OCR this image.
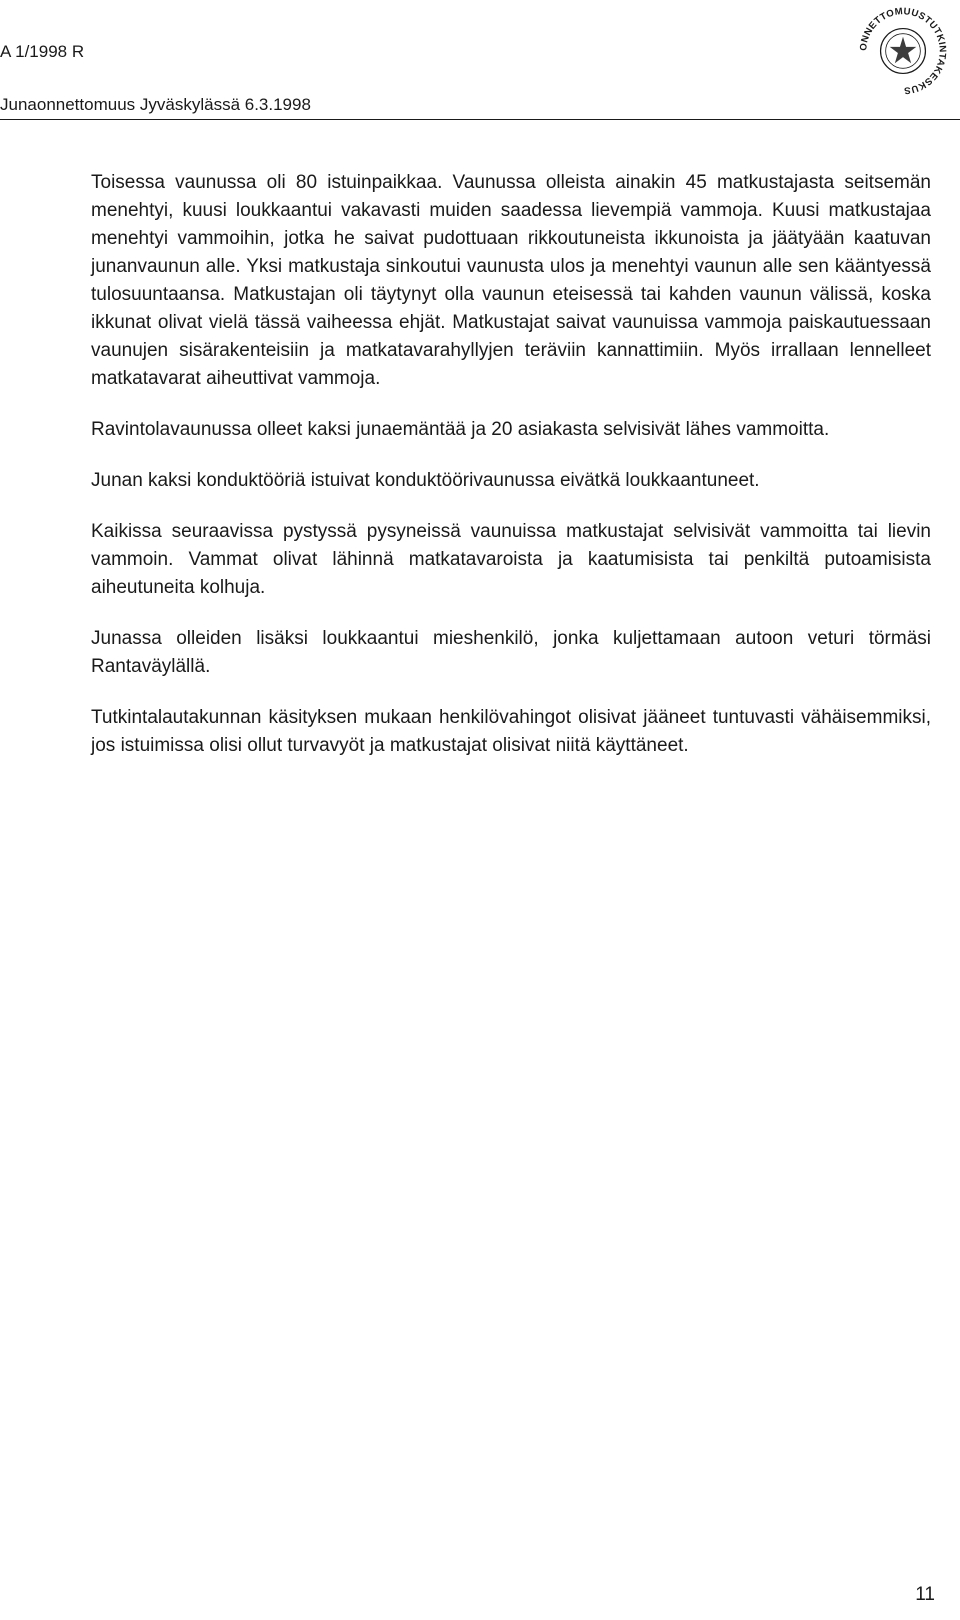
A 1/1998 R
Junaonnettomuus Jyväskylässä 6.3.1998
ONNETTOMUUSTUTKINTAKESKUS

Toisessa vaunussa oli 80 istuinpaikkaa. Vaunussa olleista ainakin 45 matkustajasta seitsemän menehtyi, kuusi loukkaantui vakavasti muiden saadessa lievempiä vammoja. Kuusi matkustajaa menehtyi vammoihin, jotka he saivat pudottuaan rikkoutuneista ikkunoista ja jäätyään kaatuvan junanvaunun alle. Yksi matkustaja sinkoutui vaunusta ulos ja menehtyi vaunun alle sen kääntyessä tulosuuntaansa. Matkustajan oli täytynyt olla vaunun eteisessä tai kahden vaunun välissä, koska ikkunat olivat vielä tässä vaiheessa ehjät. Matkustajat saivat vaunuissa vammoja paiskautuessaan vaunujen sisärakenteisiin ja matkatavarahyllyjen teräviin kannattimiin. Myös irrallaan lennelleet matkatavarat aiheuttivat vammoja.

Ravintolavaunussa olleet kaksi junaemäntää ja 20 asiakasta selvisivät lähes vammoitta.

Junan kaksi konduktööriä istuivat konduktöörivaunussa eivätkä loukkaantuneet.

Kaikissa seuraavissa pystyssä pysyneissä vaunuissa matkustajat selvisivät vammoitta tai lievin vammoin. Vammat olivat lähinnä matkatavaroista ja kaatumisista tai penkiltä putoamisista aiheutuneita kolhuja.

Junassa olleiden lisäksi loukkaantui mieshenkilö, jonka kuljettamaan autoon veturi törmäsi Rantaväylällä.

Tutkintalautakunnan käsityksen mukaan henkilövahingot olisivat jääneet tuntuvasti vähäisemmiksi, jos istuimissa olisi ollut turvavyöt ja matkustajat olisivat niitä käyttäneet.

11
